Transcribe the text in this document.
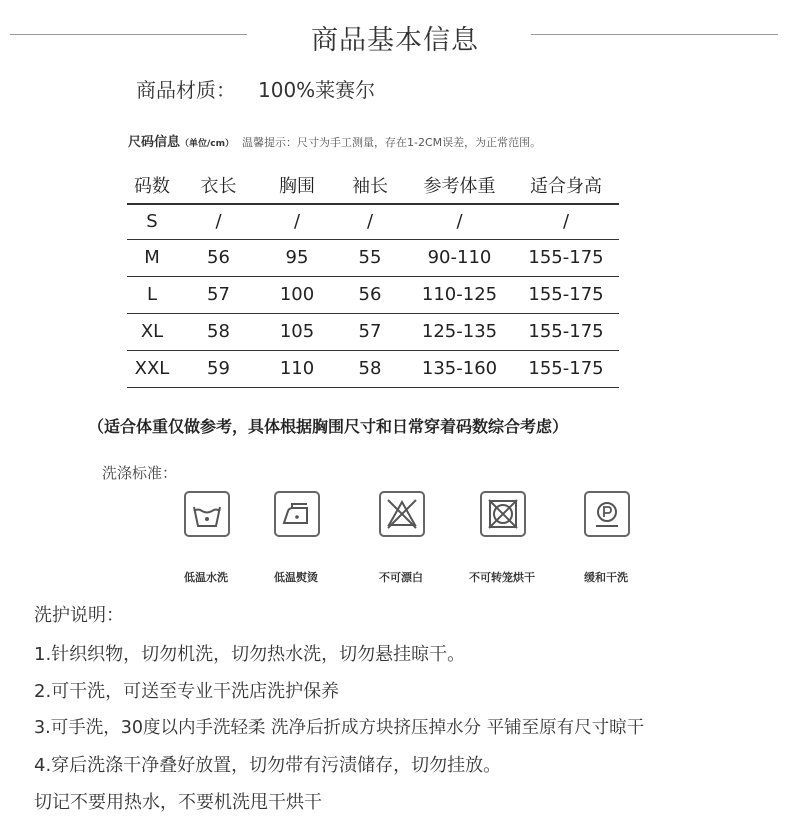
商品基本信息
商品材质： 100%莱赛尔
尺码信息（单位/cm） 温馨提示：尺寸为手工测量，存在1-2CM误差，为正常范围。
码数	衣长	胸围	袖长	参考体重	适合身高
S	/	/	/	/	/
M	56	95	55	90-110	155-175
L	57	100	56	110-125	155-175
XL	58	105	57	125-135	155-175
XXL	59	110	58	135-160	155-175
（适合体重仅做参考，具体根据胸围尺寸和日常穿着码数综合考虑）
洗涤标准：
低温水洗	低温熨烫	不可漂白	不可转笼烘干	缓和干洗
洗护说明：
1.针织织物，切勿机洗，切勿热水洗，切勿悬挂晾干。
2.可干洗，可送至专业干洗店洗护保养
3.可手洗，30度以内手洗轻柔 洗净后折成方块挤压掉水分 平铺至原有尺寸晾干
4.穿后洗涤干净叠好放置，切勿带有污渍储存，切勿挂放。
切记不要用热水，不要机洗甩干烘干
